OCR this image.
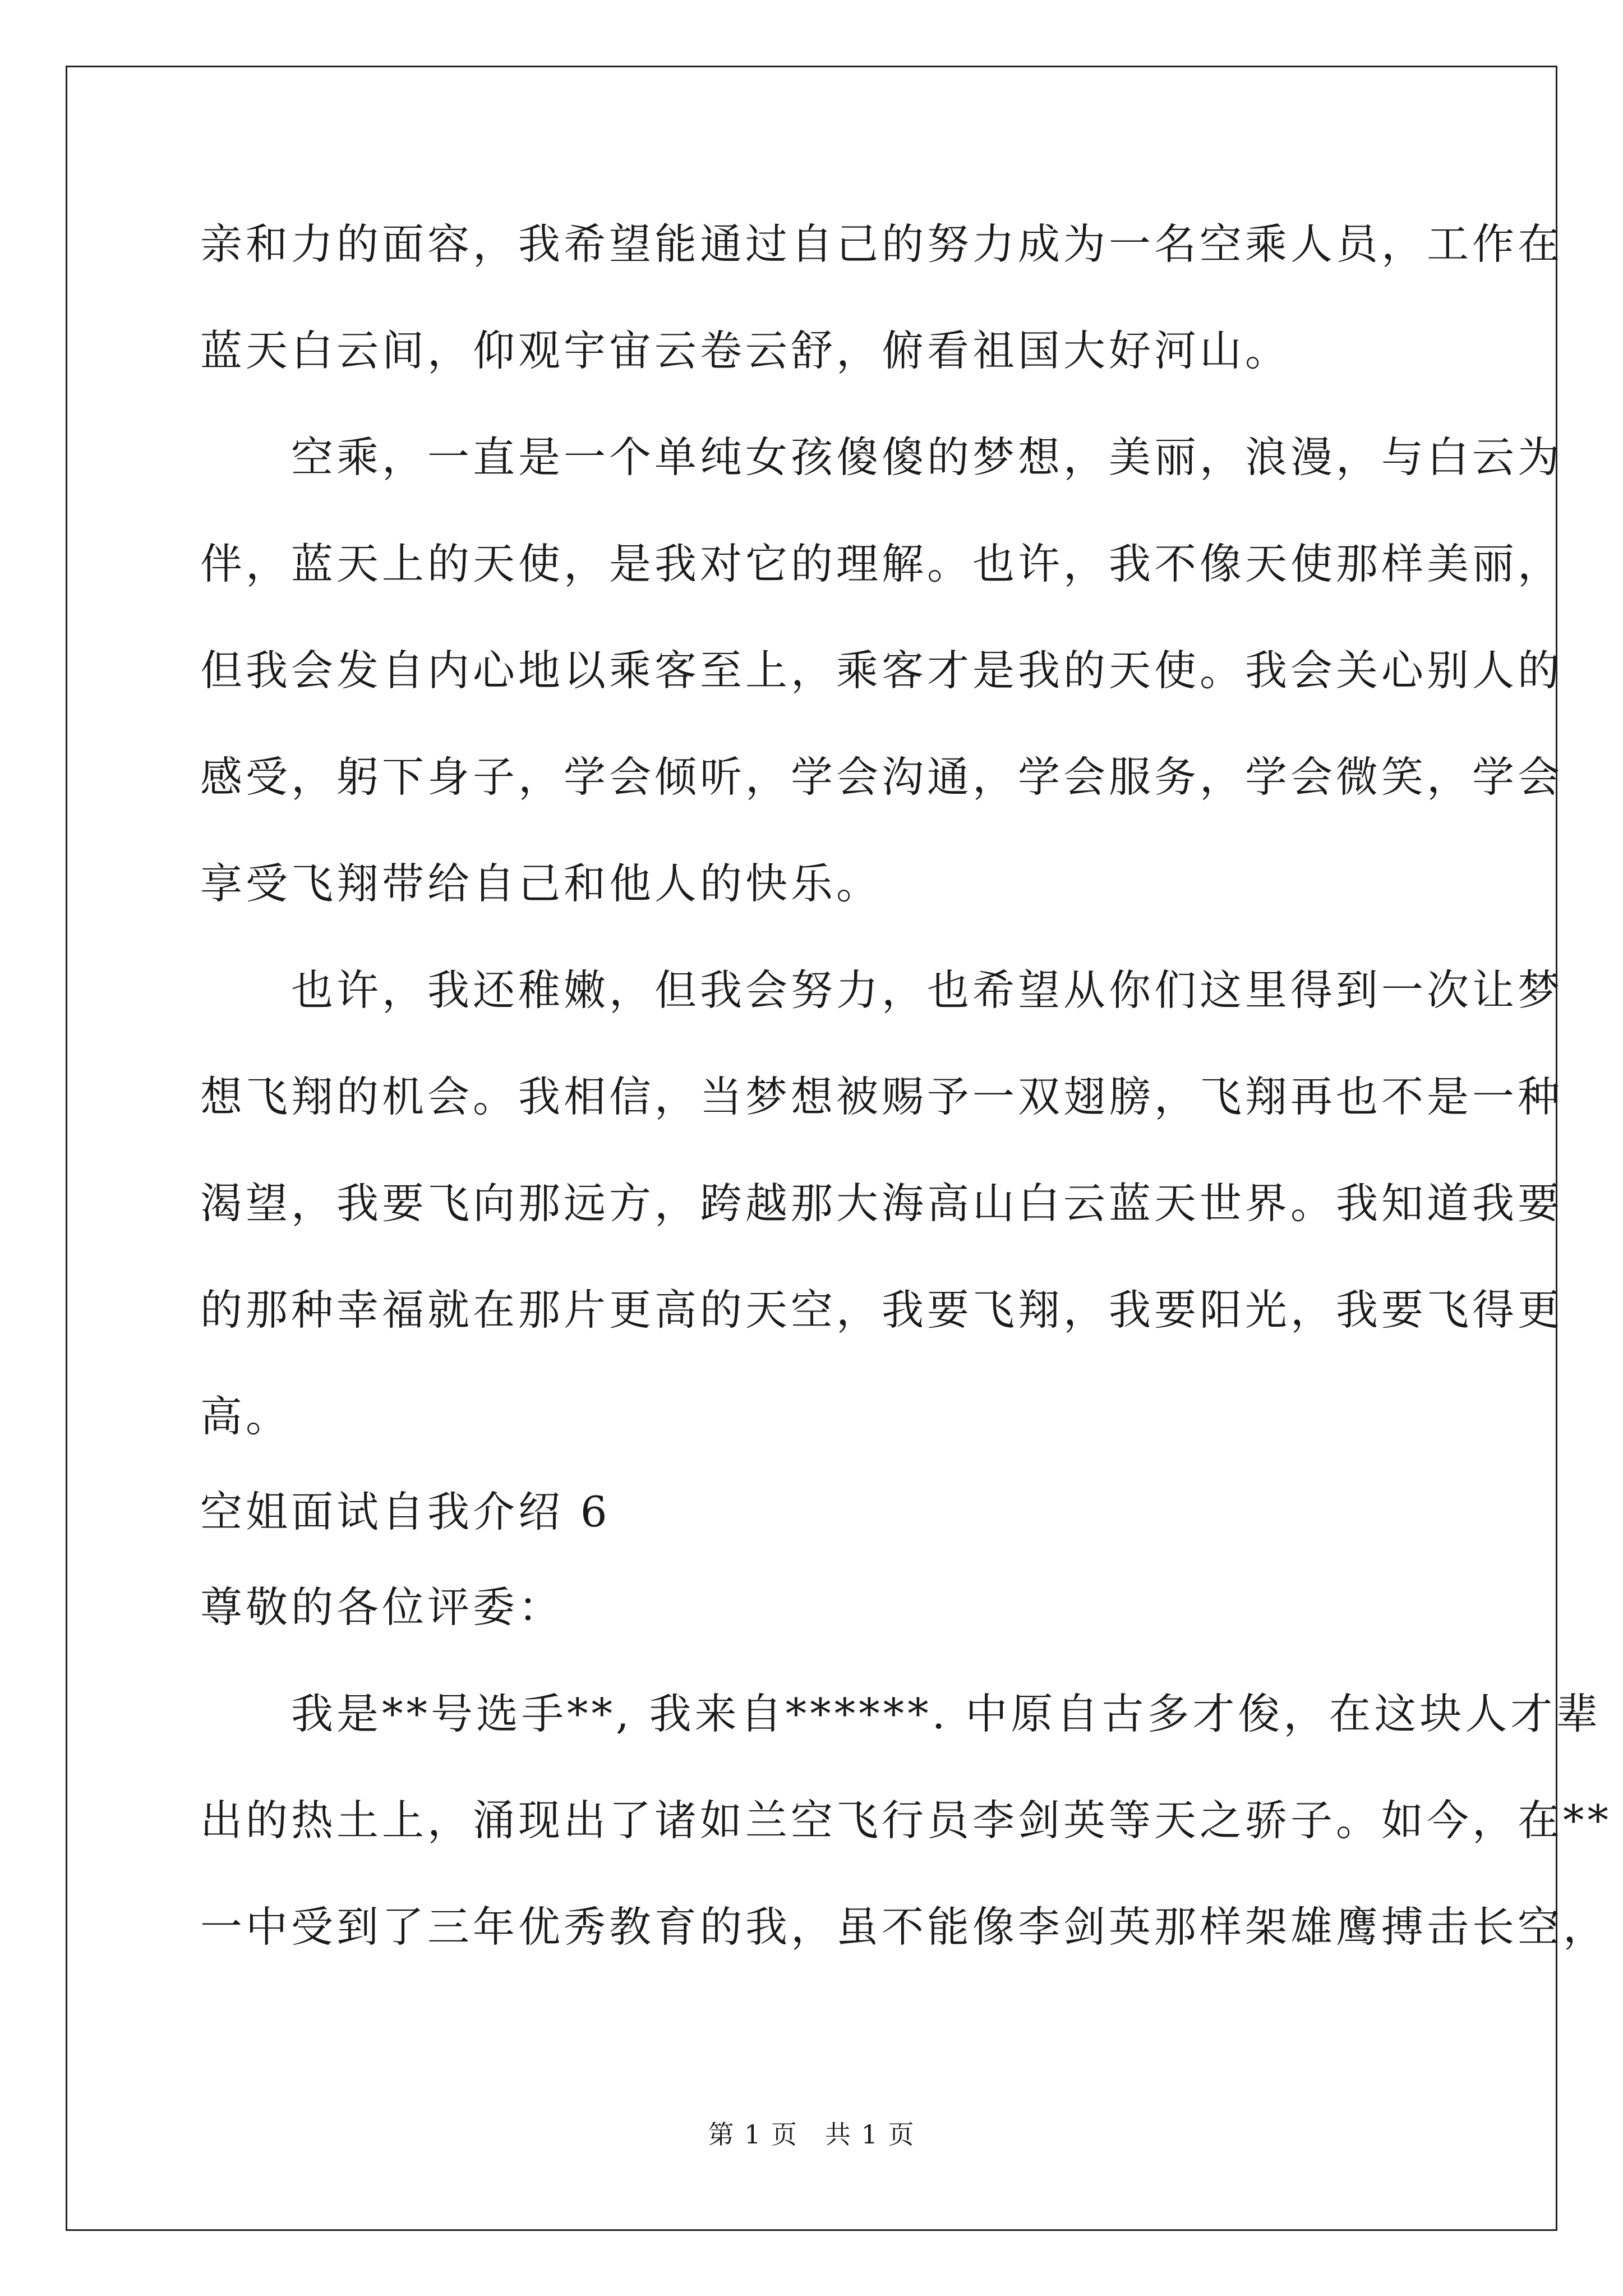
亲和力的面容，我希望能通过自己的努力成为一名空乘人员，工作在
蓝天白云间，仰观宇宙云卷云舒，俯看祖国大好河山。
　　空乘，一直是一个单纯女孩傻傻的梦想，美丽，浪漫，与白云为
伴，蓝天上的天使，是我对它的理解。也许，我不像天使那样美丽，
但我会发自内心地以乘客至上，乘客才是我的天使。我会关心别人的
感受，躬下身子，学会倾听，学会沟通，学会服务，学会微笑，学会
享受飞翔带给自己和他人的快乐。
　　也许，我还稚嫩，但我会努力，也希望从你们这里得到一次让梦
想飞翔的机会。我相信，当梦想被赐予一双翅膀，飞翔再也不是一种
渴望，我要飞向那远方，跨越那大海高山白云蓝天世界。我知道我要
的那种幸福就在那片更高的天空，我要飞翔，我要阳光，我要飞得更
高。
空姐面试自我介绍 6
尊敬的各位评委：
　　我是**号选手**, 我来自******. 中原自古多才俊，在这块人才辈
出的热土上，涌现出了诸如兰空飞行员李剑英等天之骄子。如今，在**
一中受到了三年优秀教育的我，虽不能像李剑英那样架雄鹰搏击长空，
第 1 页　共 1 页
